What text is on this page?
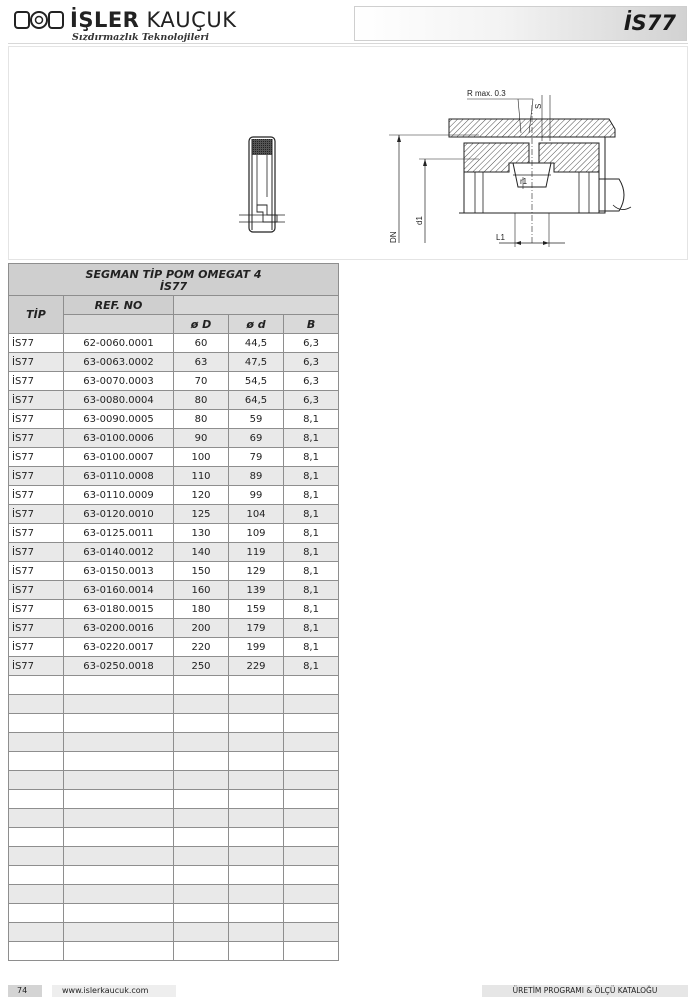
İŞLER KAUÇUK
Sızdırmazlık Teknolojileri
İS77
R max. 0.3
S
r1
d1
DN	L1
SEGMAN TİP POM OMEGAT 4
İS77				

TİP	REF. NO			
		ø D	ø d	B
İS77	62-0060.0001	60	44,5	6,3
İS77	63-0063.0002	63	47,5	6,3
İS77	63-0070.0003	70	54,5	6,3
İS77	63-0080.0004	80	64,5	6,3
İS77	63-0090.0005	80	59	8,1
İS77	63-0100.0006	90	69	8,1
İS77	63-0100.0007	100	79	8,1
İS77	63-0110.0008	110	89	8,1
İS77	63-0110.0009	120	99	8,1
İS77	63-0120.0010	125	104	8,1
İS77	63-0125.0011	130	109	8,1
İS77	63-0140.0012	140	119	8,1
İS77	63-0150.0013	150	129	8,1
İS77	63-0160.0014	160	139	8,1
İS77	63-0180.0015	180	159	8,1
İS77	63-0200.0016	200	179	8,1
İS77	63-0220.0017	220	199	8,1
İS77	63-0250.0018	250	229	8,1

74	www.islerkaucuk.com	ÜRETİM PROGRAMI & ÖLÇÜ KATALOĞU
